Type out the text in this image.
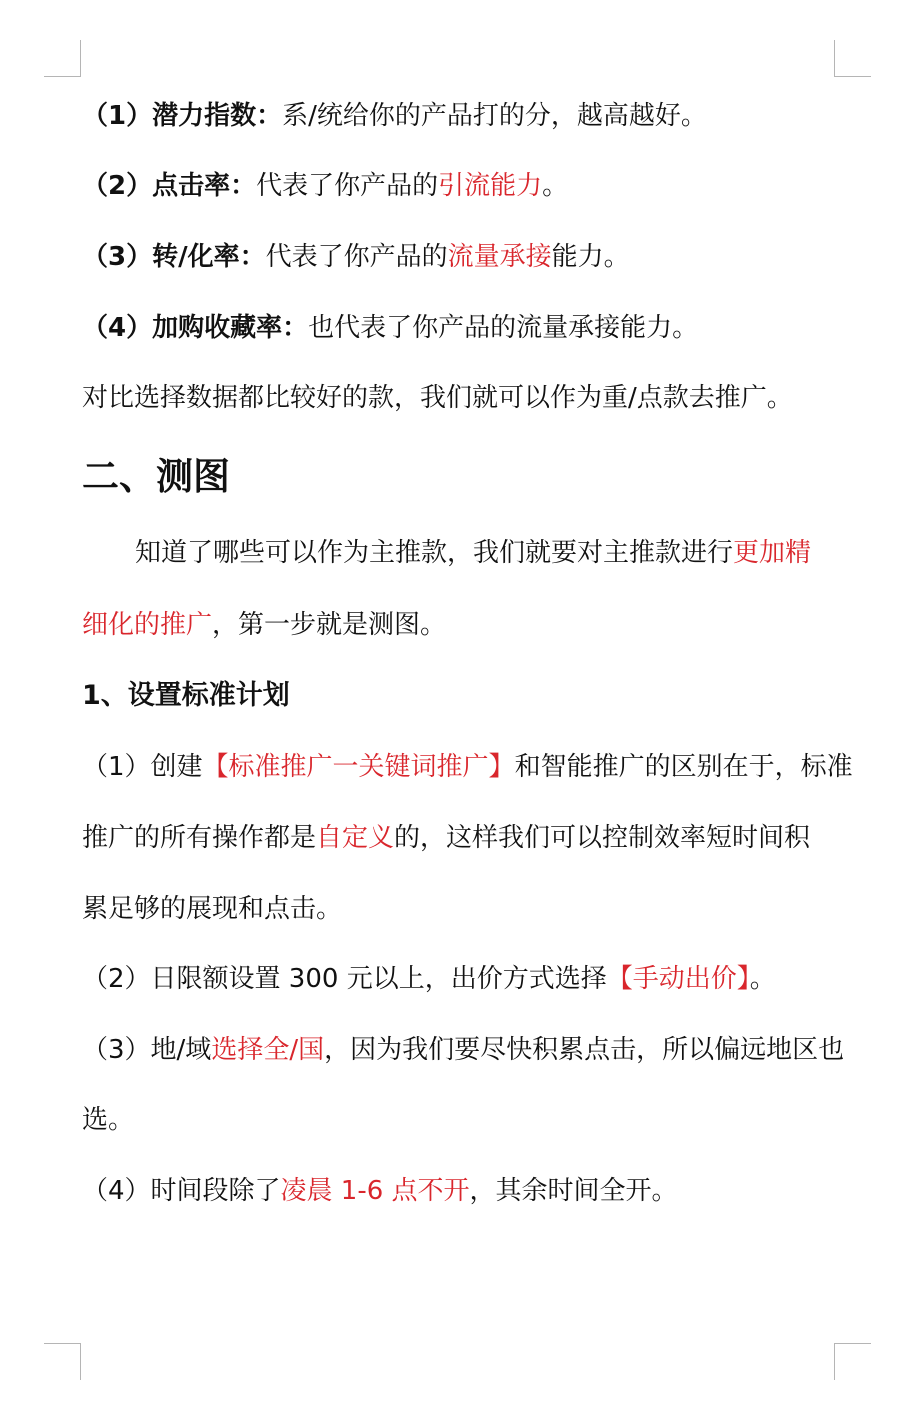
（1）潜力指数：系/统给你的产品打的分，越高越好。
（2）点击率：代表了你产品的引流能力。
（3）转/化率：代表了你产品的流量承接能力。
（4）加购收藏率：也代表了你产品的流量承接能力。
对比选择数据都比较好的款，我们就可以作为重/点款去推广。
二、测图
知道了哪些可以作为主推款，我们就要对主推款进行更加精
细化的推广，第一步就是测图。
1、设置标准计划
（1）创建【标准推广一关键词推广】和智能推广的区别在于，标准
推广的所有操作都是自定义的，这样我们可以控制效率短时间积
累足够的展现和点击。
（2）日限额设置 300 元以上，出价方式选择【手动出价】。
（3）地/域选择全/国，因为我们要尽快积累点击，所以偏远地区也
选。
（4）时间段除了凌晨 1-6 点不开，其余时间全开。
